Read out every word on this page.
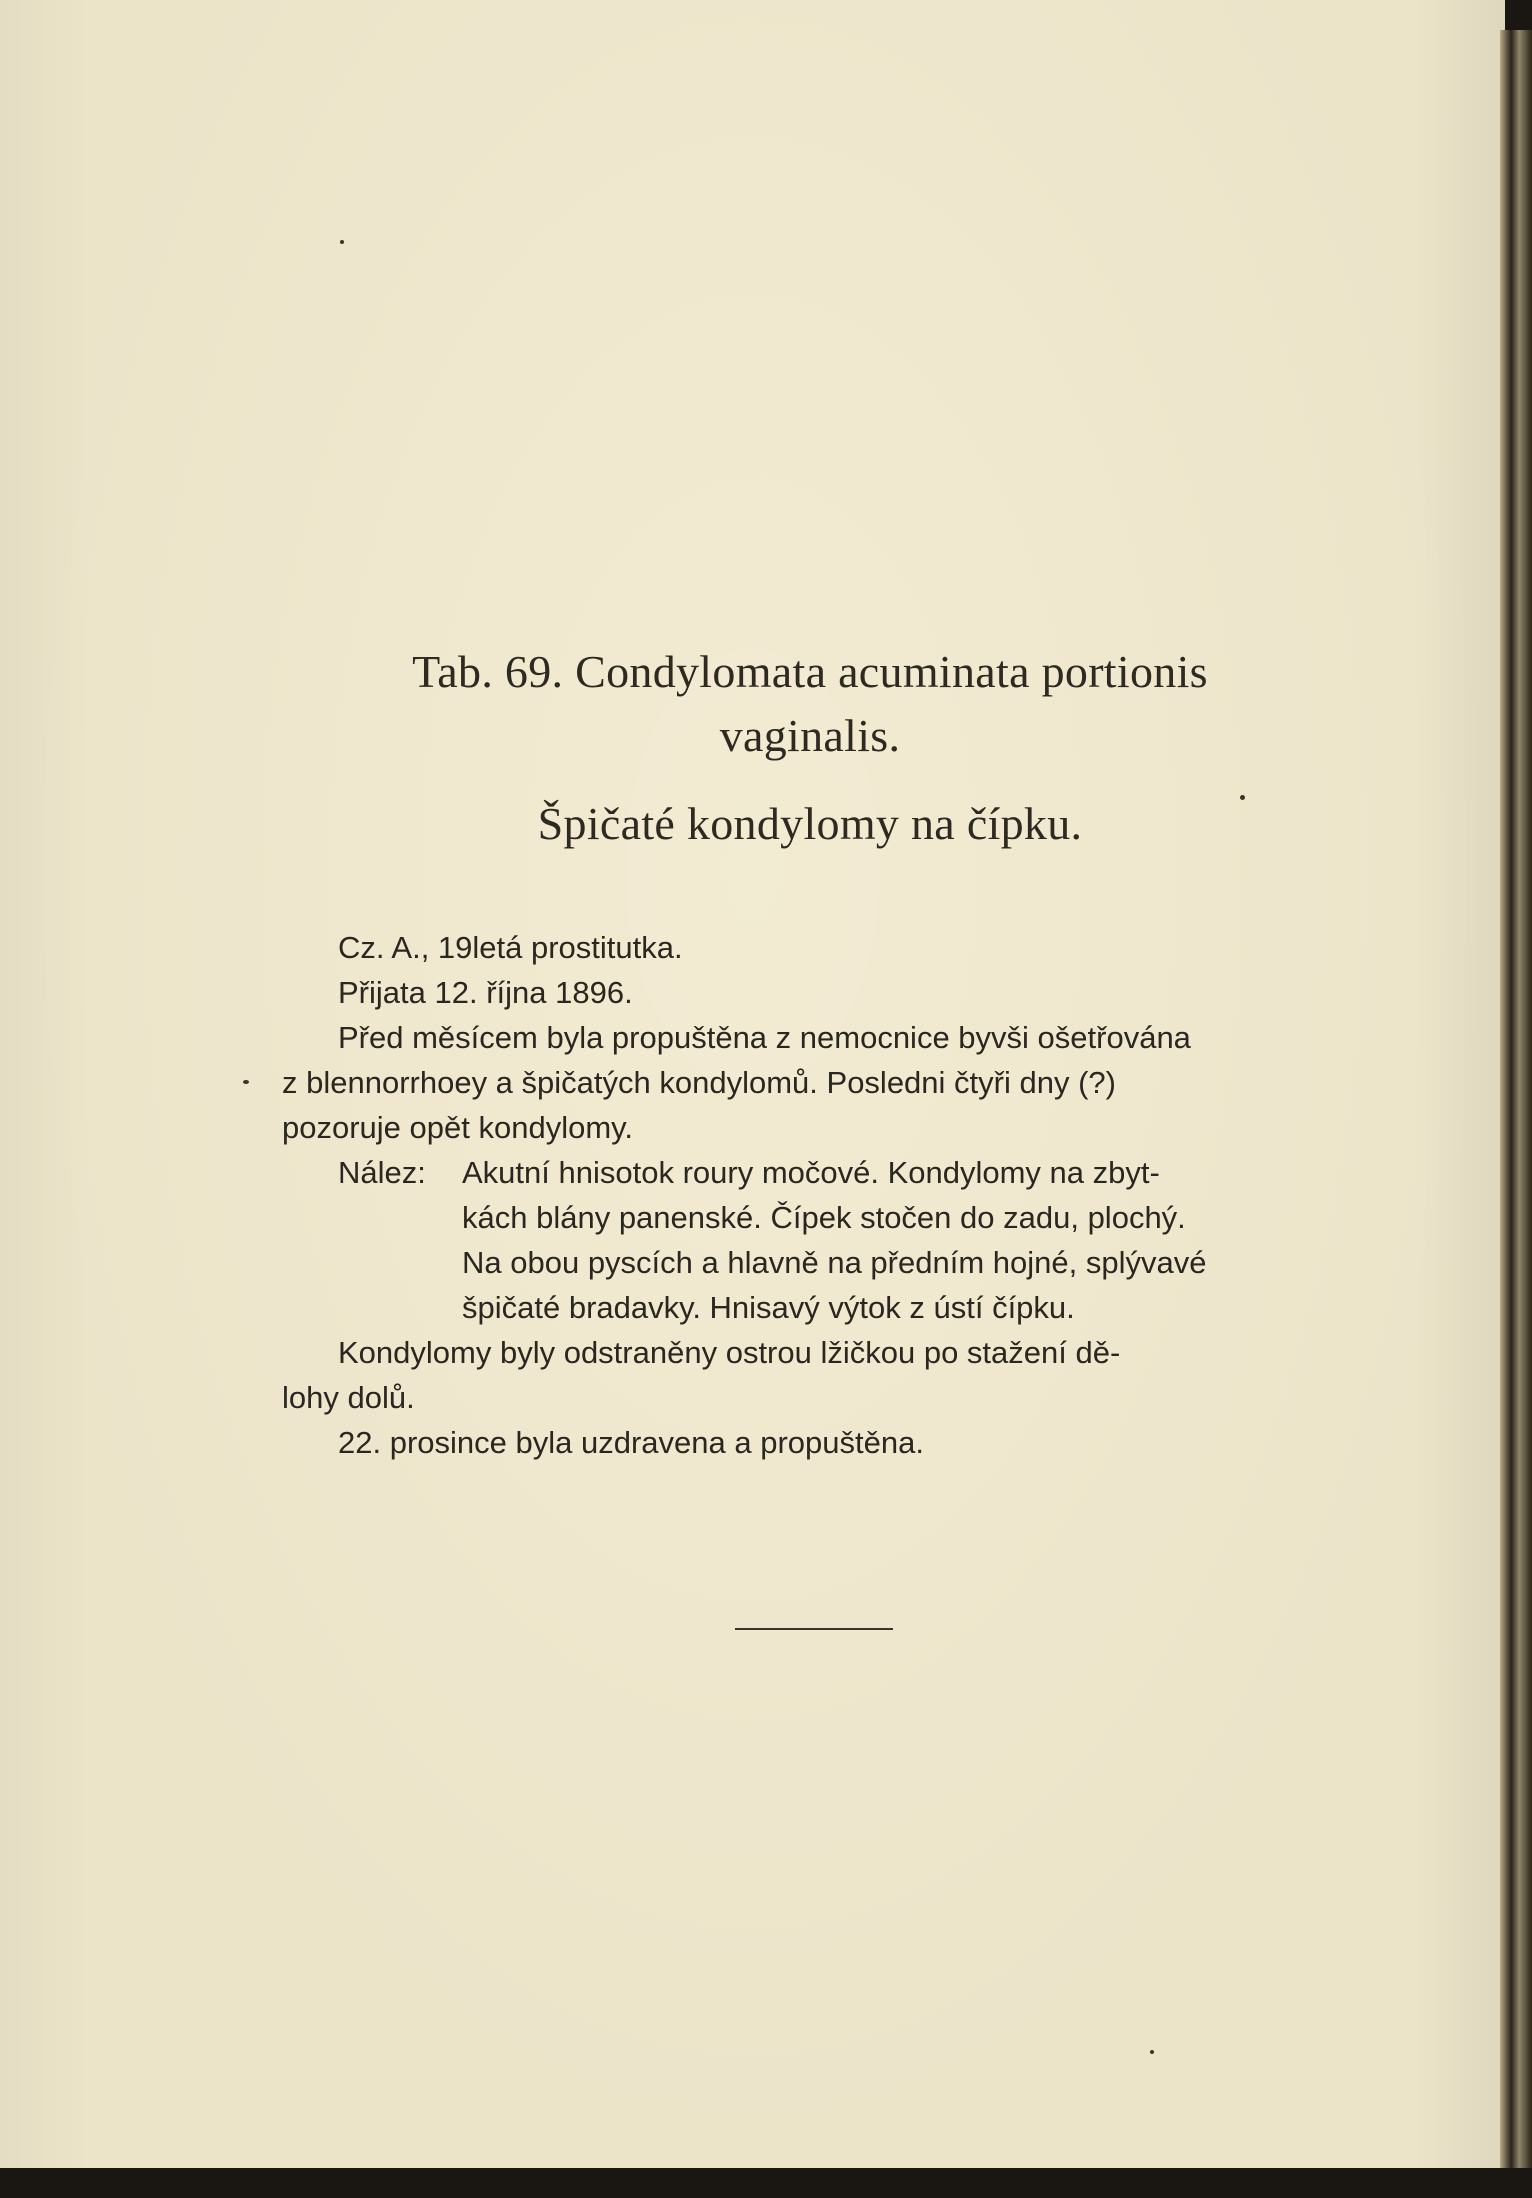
Tab. 69. Condylomata acuminata portionis
vaginalis.
Špičaté kondylomy na čípku.
Cz. A., 19letá prostitutka.
Přijata 12. října 1896.
Před měsícem byla propuštěna z nemocnice byvši ošetřována
z blennorrhoey a špičatých kondylomů. Posledni čtyři dny (?)
pozoruje opět kondylomy.
Nález: Akutní hnisotok roury močové. Kondylomy na zbyt-
kách blány panenské. Čípek stočen do zadu, plochý.
Na obou pyscích a hlavně na předním hojné, splývavé
špičaté bradavky. Hnisavý výtok z ústí čípku.
Kondylomy byly odstraněny ostrou lžičkou po stažení dě-
lohy dolů.
22. prosince byla uzdravena a propuštěna.
